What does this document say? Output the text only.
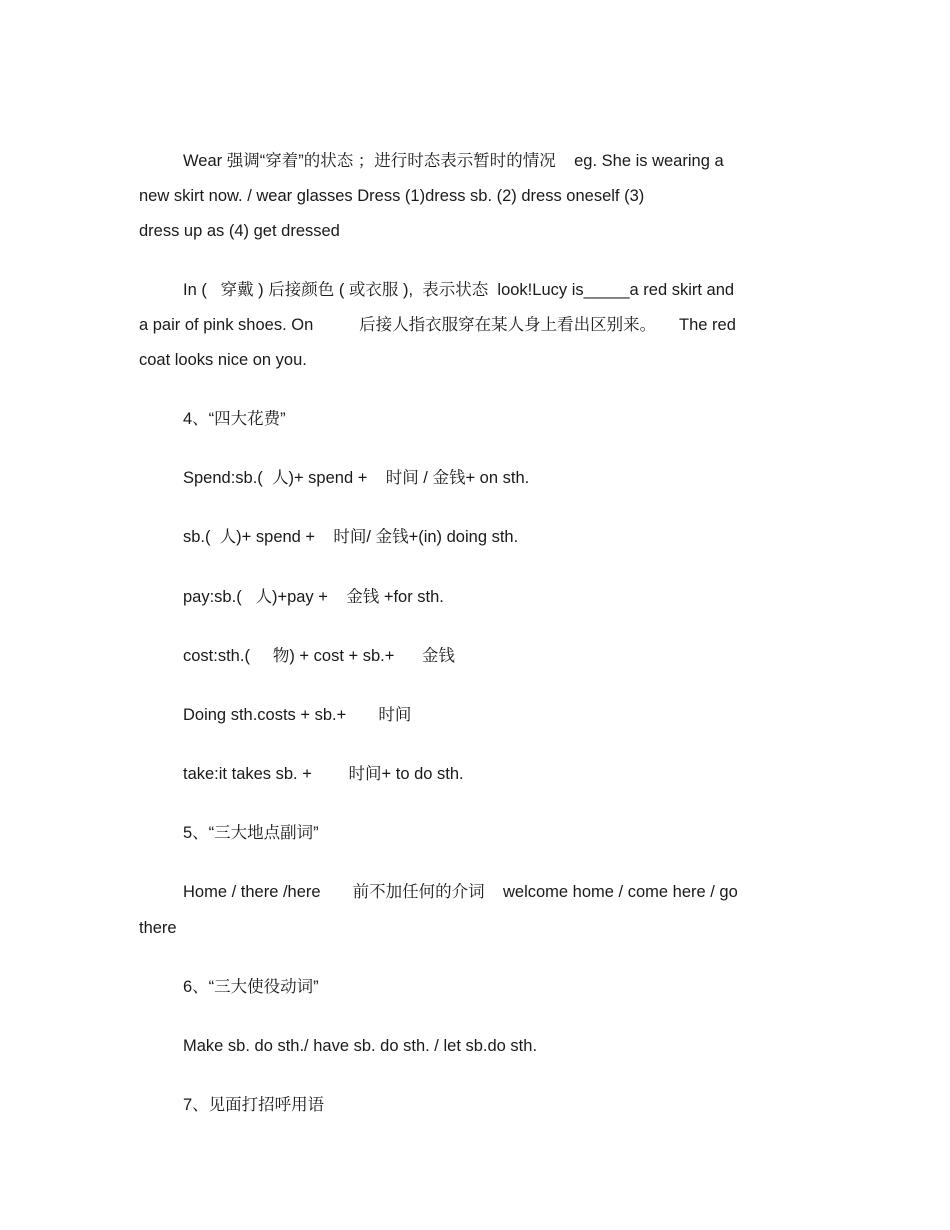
Wear 强调“穿着”的状态 ；进行时态表示暂时的情况    eg. She is wearing a
new skirt now. / wear glasses Dress (1)dress sb. (2) dress oneself (3)
dress up as (4) get dressed
In (   穿戴 ) 后接颜色 ( 或衣服 ),  表示状态  look!Lucy is_____a red skirt and
a pair of pink shoes. On          后接人指衣服穿在某人身上看出区别来。     The red
coat looks nice on you.
4、“四大花费”
Spend:sb.(  人)+ spend +    时间 / 金钱+ on sth.
sb.(  人)+ spend +    时间/ 金钱+(in) doing sth.
pay:sb.(   人)+pay +    金钱 +for sth.
cost:sth.(     物) + cost + sb.+      金钱
Doing sth.costs + sb.+       时间
take:it takes sb. +        时间+ to do sth.
5、“三大地点副词”
Home / there /here       前不加任何的介词    welcome home / come here / go
there
6、“三大使役动词”
Make sb. do sth./ have sb. do sth. / let sb.do sth.
7、见面打招呼用语
